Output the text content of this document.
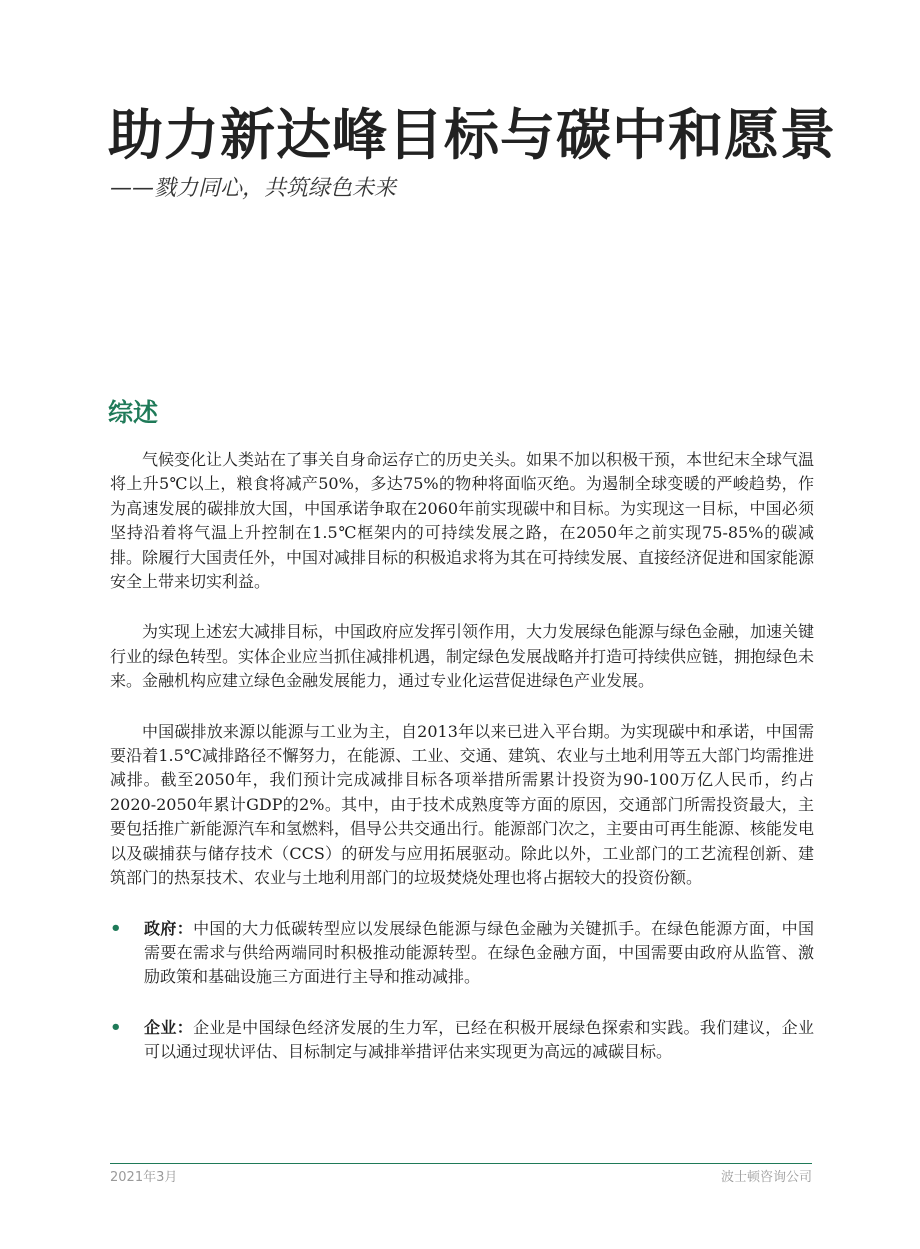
助力新达峰目标与碳中和愿景

——戮力同心，共筑绿色未来

综述

气候变化让人类站在了事关自身命运存亡的历史关头。如果不加以积极干预，本世纪末全球气温将上升5℃以上，粮食将减产50%，多达75%的物种将面临灭绝。为遏制全球变暖的严峻趋势，作为高速发展的碳排放大国，中国承诺争取在2060年前实现碳中和目标。为实现这一目标，中国必须坚持沿着将气温上升控制在1.5℃框架内的可持续发展之路，在2050年之前实现75-85%的碳减排。除履行大国责任外，中国对减排目标的积极追求将为其在可持续发展、直接经济促进和国家能源安全上带来切实利益。

为实现上述宏大减排目标，中国政府应发挥引领作用，大力发展绿色能源与绿色金融，加速关键行业的绿色转型。实体企业应当抓住减排机遇，制定绿色发展战略并打造可持续供应链，拥抱绿色未来。金融机构应建立绿色金融发展能力，通过专业化运营促进绿色产业发展。

中国碳排放来源以能源与工业为主，自2013年以来已进入平台期。为实现碳中和承诺，中国需要沿着1.5℃减排路径不懈努力，在能源、工业、交通、建筑、农业与土地利用等五大部门均需推进减排。截至2050年，我们预计完成减排目标各项举措所需累计投资为90-100万亿人民币，约占2020-2050年累计GDP的2%。其中，由于技术成熟度等方面的原因，交通部门所需投资最大，主要包括推广新能源汽车和氢燃料，倡导公共交通出行。能源部门次之，主要由可再生能源、核能发电以及碳捕获与储存技术（CCS）的研发与应用拓展驱动。除此以外，工业部门的工艺流程创新、建筑部门的热泵技术、农业与土地利用部门的垃圾焚烧处理也将占据较大的投资份额。

• 政府：中国的大力低碳转型应以发展绿色能源与绿色金融为关键抓手。在绿色能源方面，中国需要在需求与供给两端同时积极推动能源转型。在绿色金融方面，中国需要由政府从监管、激励政策和基础设施三方面进行主导和推动减排。
• 企业：企业是中国绿色经济发展的生力军，已经在积极开展绿色探索和实践。我们建议，企业可以通过现状评估、目标制定与减排举措评估来实现更为高远的减碳目标。
2021年3月	波士顿咨询公司
